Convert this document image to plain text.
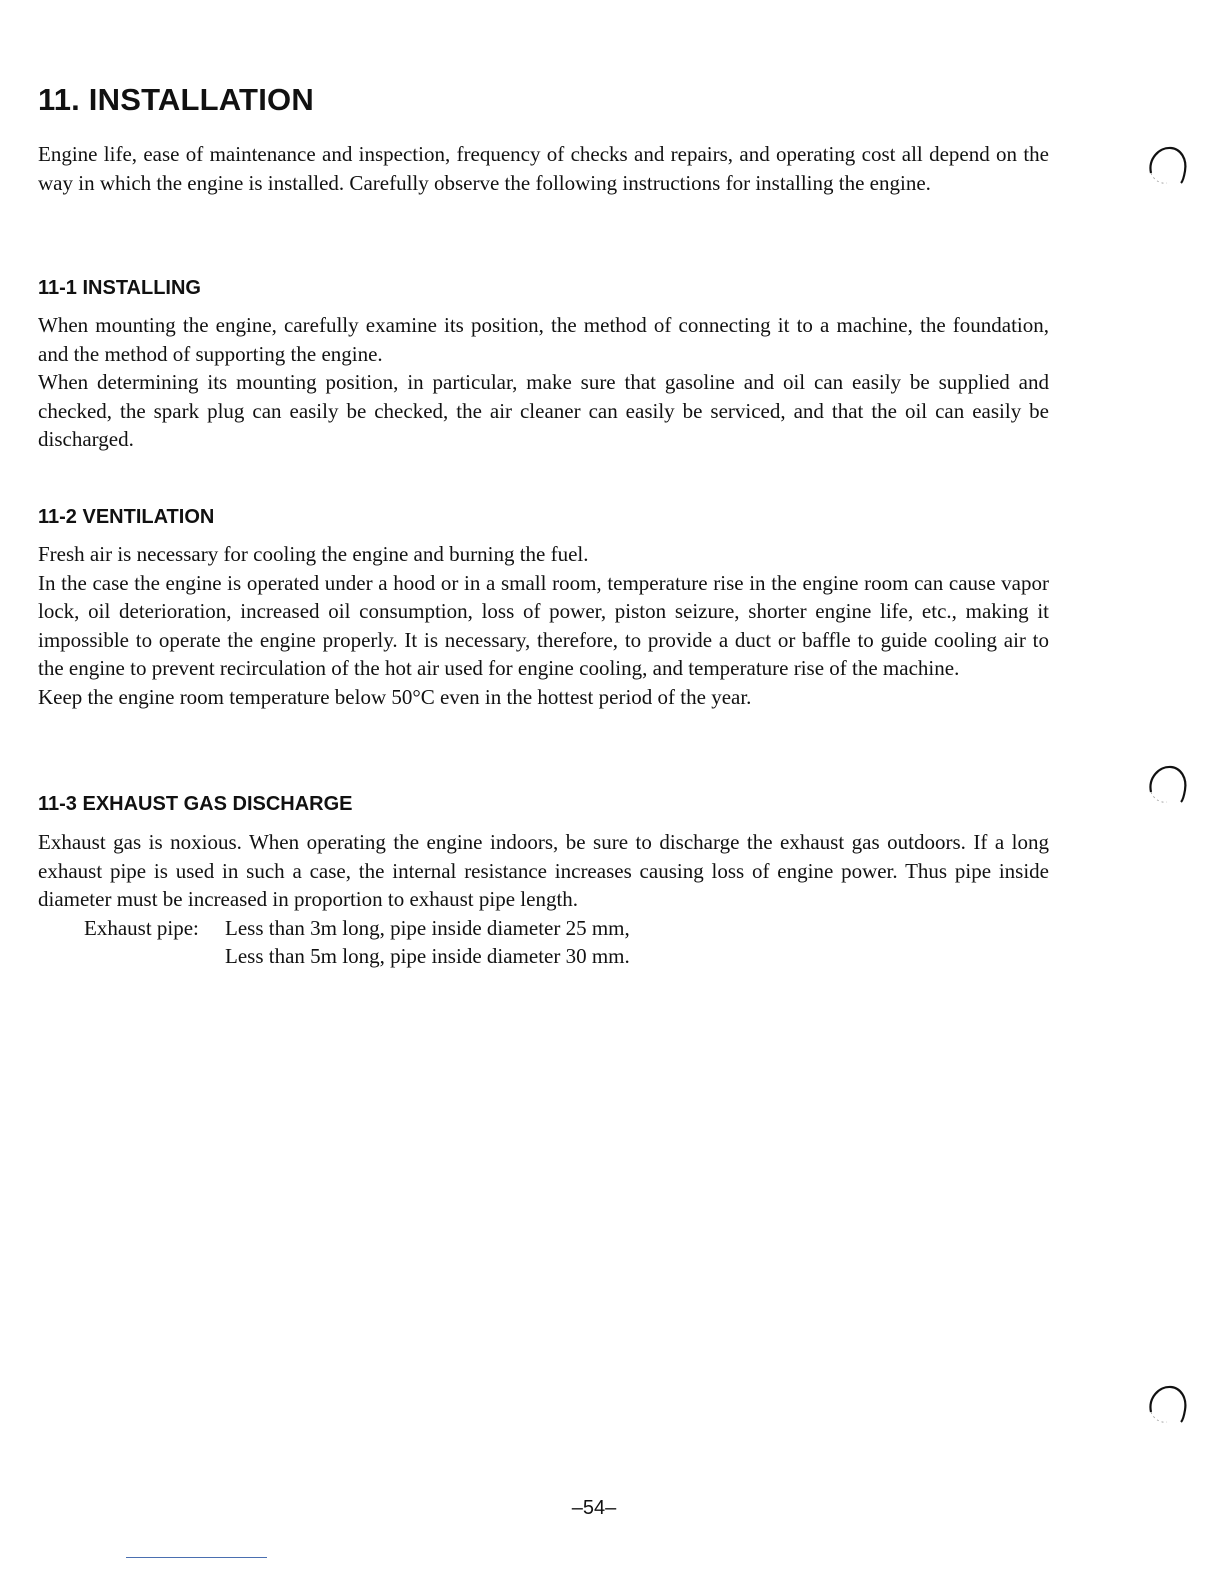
11. INSTALLATION

Engine life, ease of maintenance and inspection, frequency of checks and repairs, and operating cost all depend on the way in which the engine is installed. Carefully observe the following instructions for installing the engine.

11-1 INSTALLING

When mounting the engine, carefully examine its position, the method of connecting it to a machine, the foundation, and the method of supporting the engine.

When determining its mounting position, in particular, make sure that gasoline and oil can easily be supplied and checked, the spark plug can easily be checked, the air cleaner can easily be serviced, and that the oil can easily be discharged.

11-2 VENTILATION

Fresh air is necessary for cooling the engine and burning the fuel.

In the case the engine is operated under a hood or in a small room, temperature rise in the engine room can cause vapor lock, oil deterioration, increased oil consumption, loss of power, piston seizure, shorter engine life, etc., making it impossible to operate the engine properly. It is necessary, therefore, to provide a duct or baffle to guide cooling air to the engine to prevent recirculation of the hot air used for engine cooling, and temperature rise of the machine.

Keep the engine room temperature below 50°C even in the hottest period of the year.

11-3 EXHAUST GAS DISCHARGE

Exhaust gas is noxious. When operating the engine indoors, be sure to discharge the exhaust gas outdoors. If a long exhaust pipe is used in such a case, the internal resistance increases causing loss of engine power. Thus pipe inside diameter must be increased in proportion to exhaust pipe length.

Exhaust pipe: Less than 3m long, pipe inside diameter 25 mm,
Less than 5m long, pipe inside diameter 30 mm.
–54–
